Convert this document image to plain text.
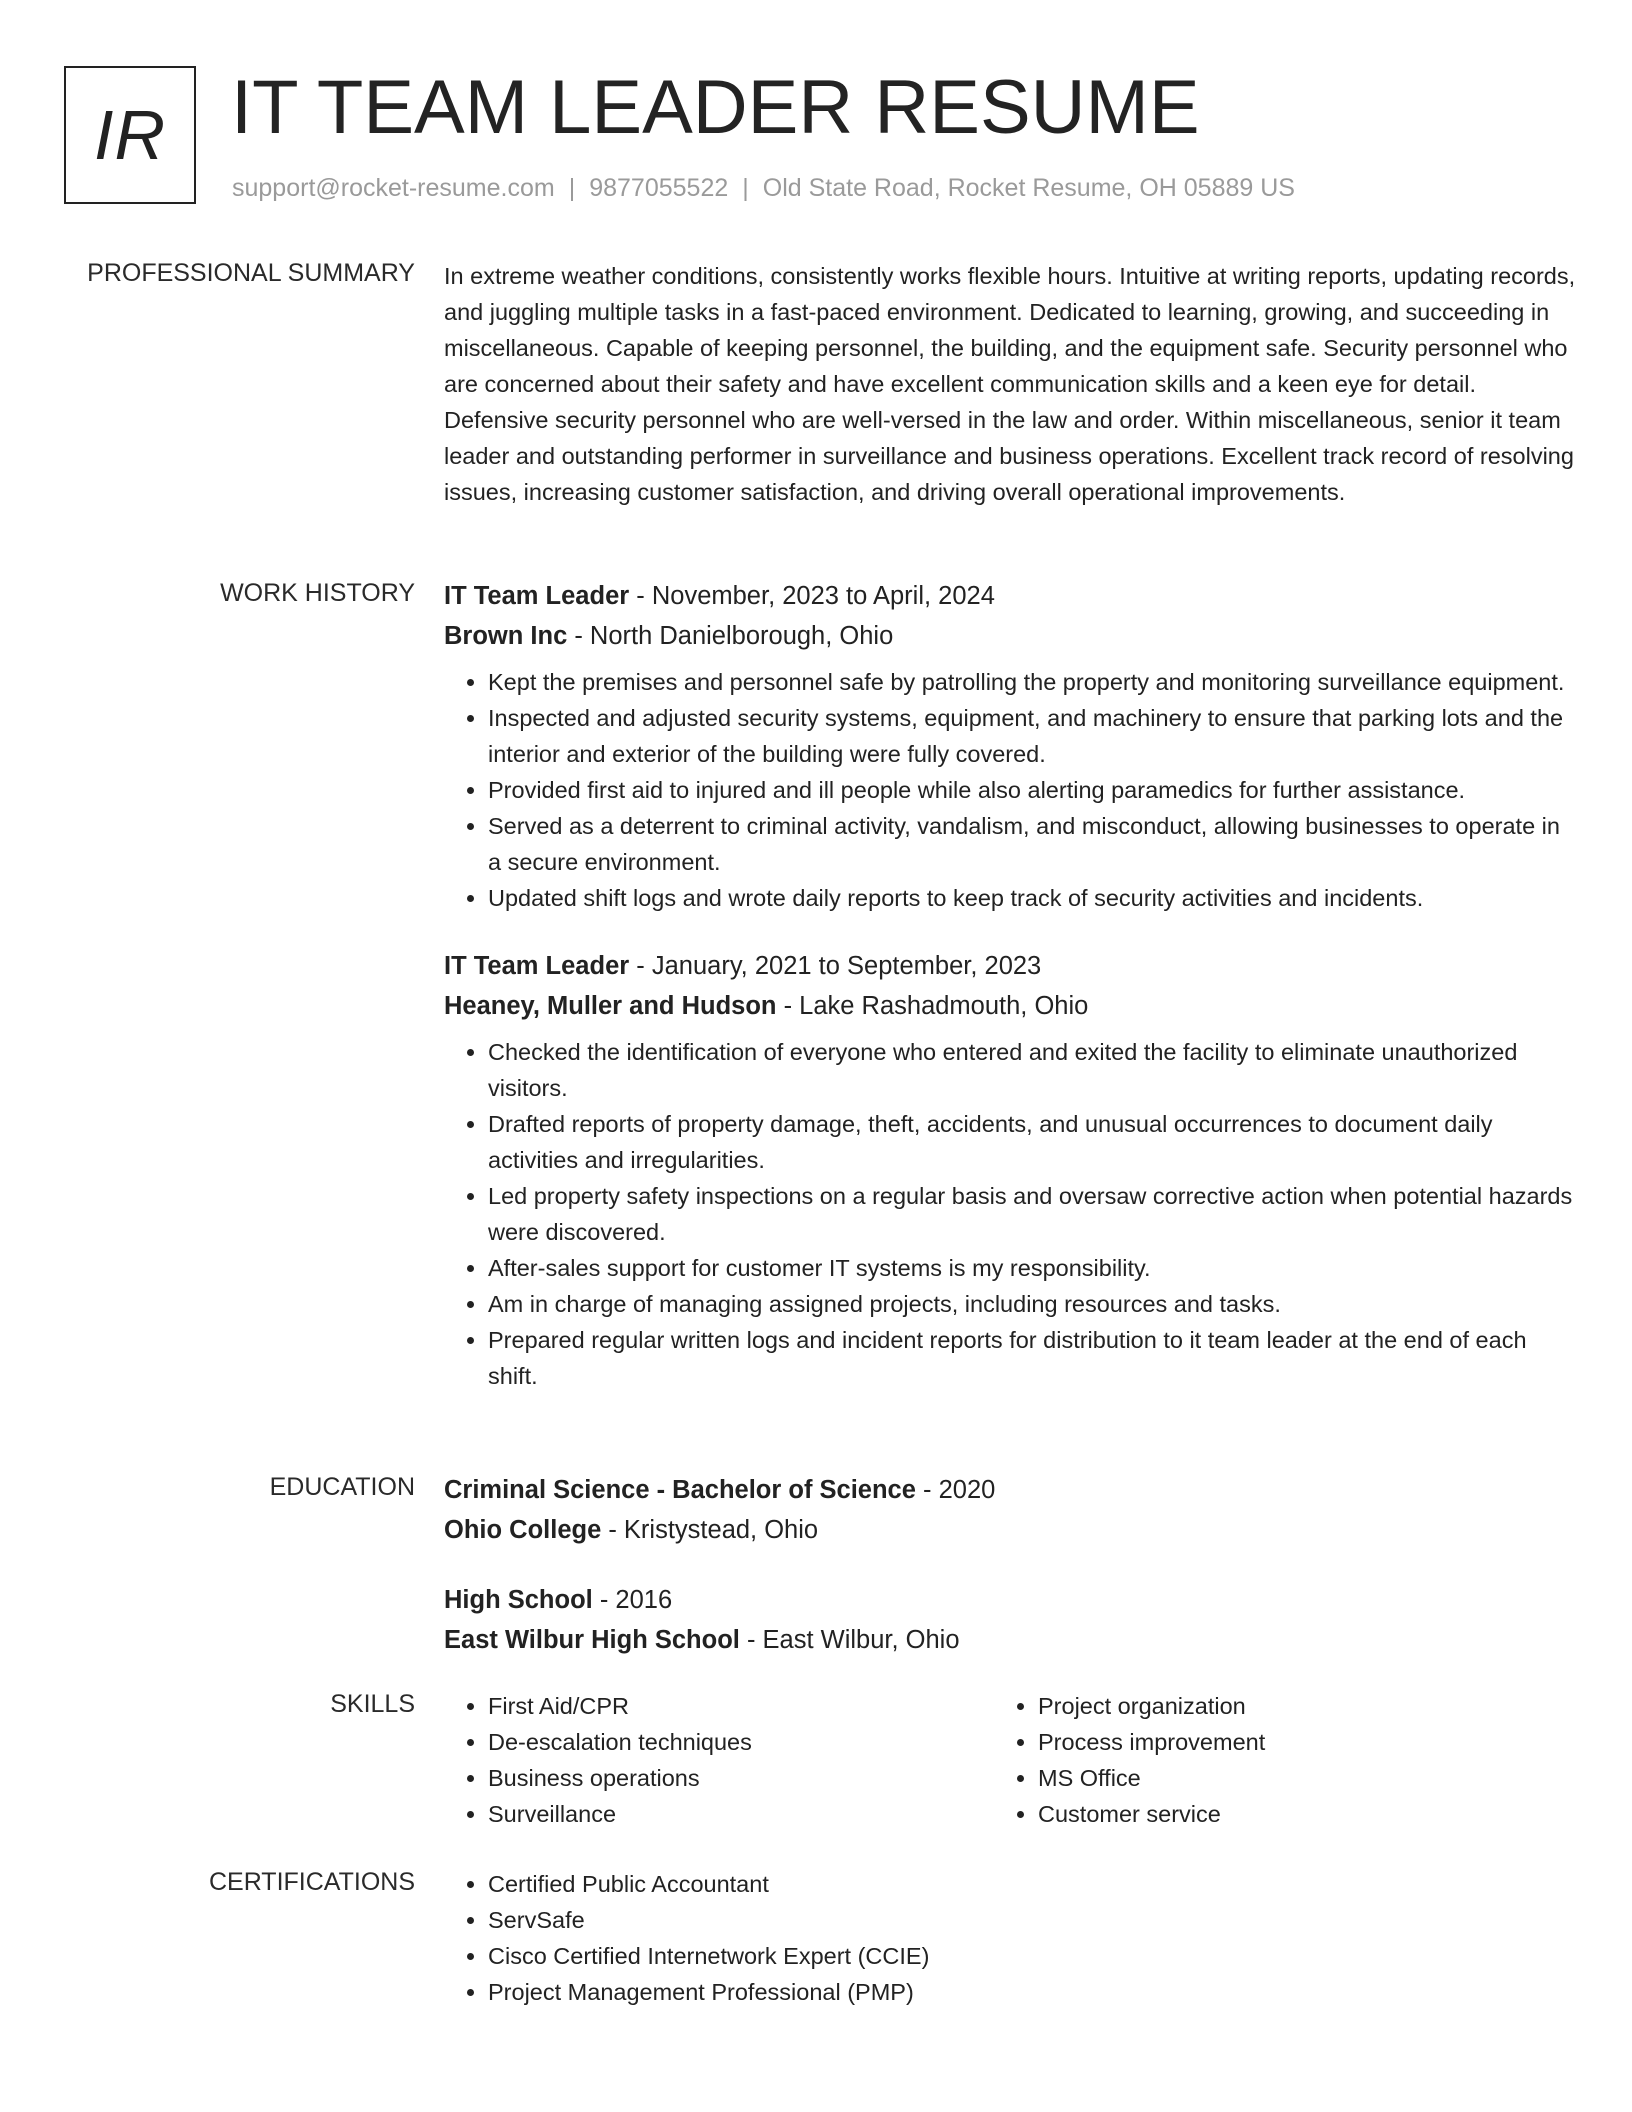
IR IT TEAM LEADER RESUME
support@rocket-resume.com | 9877055522 | Old State Road, Rocket Resume, OH 05889 US
PROFESSIONAL SUMMARY In extreme weather conditions, consistently works flexible hours. Intuitive at writing reports, updating records, and juggling multiple tasks in a fast-paced environment. Dedicated to learning, growing, and succeeding in miscellaneous. Capable of keeping personnel, the building, and the equipment safe. Security personnel who are concerned about their safety and have excellent communication skills and a keen eye for detail. Defensive security personnel who are well-versed in the law and order. Within miscellaneous, senior it team leader and outstanding performer in surveillance and business operations. Excellent track record of resolving issues, increasing customer satisfaction, and driving overall operational improvements.

WORK HISTORY IT Team Leader - November, 2023 to April, 2024
Brown Inc - North Danielborough, Ohio
• Kept the premises and personnel safe by patrolling the property and monitoring surveillance equipment.
• Inspected and adjusted security systems, equipment, and machinery to ensure that parking lots and the interior and exterior of the building were fully covered.
• Provided first aid to injured and ill people while also alerting paramedics for further assistance.
• Served as a deterrent to criminal activity, vandalism, and misconduct, allowing businesses to operate in a secure environment.
• Updated shift logs and wrote daily reports to keep track of security activities and incidents.
IT Team Leader - January, 2021 to September, 2023
Heaney, Muller and Hudson - Lake Rashadmouth, Ohio
• Checked the identification of everyone who entered and exited the facility to eliminate unauthorized visitors.
• Drafted reports of property damage, theft, accidents, and unusual occurrences to document daily activities and irregularities.
• Led property safety inspections on a regular basis and oversaw corrective action when potential hazards were discovered.
• After-sales support for customer IT systems is my responsibility.
• Am in charge of managing assigned projects, including resources and tasks.
• Prepared regular written logs and incident reports for distribution to it team leader at the end of each shift.
EDUCATION Criminal Science - Bachelor of Science - 2020
Ohio College - Kristystead, Ohio
High School - 2016
East Wilbur High School - East Wilbur, Ohio
SKILLS	• First Aid/CPR
• De-escalation techniques
• Business operations
• Surveillance
• Project organization
• Process improvement
• MS Office
• Customer service
CERTIFICATIONS	• Certified Public Accountant
• ServSafe
• Cisco Certified Internetwork Expert (CCIE)
• Project Management Professional (PMP)
